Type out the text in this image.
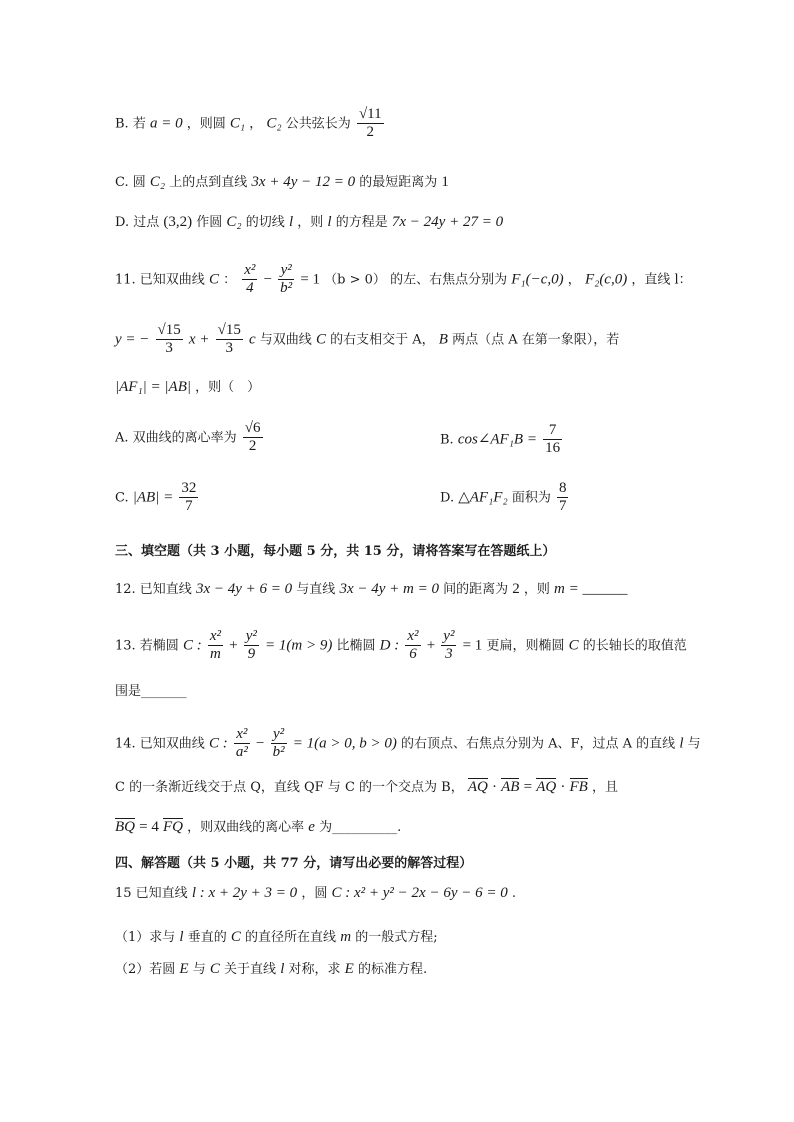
B. 若 a = 0 ，则圆 C₁ ， C₂ 公共弦长为 $\frac{√11}{2}$
C. 圆 C₂ 上的点到直线 3x + 4y − 12 = 0 的最短距离为 1
D. 过点 (3,2) 作圆 C₂ 的切线 l ，则 l 的方程是 7x − 24y + 27 = 0
11. 已知双曲线 C ： $\frac{\text{x²}}{4} - \frac{\text{y²}}{\text{b²}} = 1$ （b > 0） 的左、右焦点分别为 F₁(−c,0) ， F₂(c,0) ，直线 l：
y = − $\frac{√15}{3}$ $x + \frac{√15}{3}$ c 与双曲线 C 的右支相交于 A， B 两点（点 A 在第一象限），若
|AF₁| = |AB| ，则（　）
A. 双曲线的离心率为 $\frac{√6}{2}$	B. cos∠AF₁B = $\frac{7}{16}$
C. $|AB| = \frac{32}{7}$	D. △AF₁F₂ 面积为 $\frac{8}{7}$
三、填空题（共 3 小题，每小题 5 分，共 15 分，请将答案写在答题纸上）
12. 已知直线 3x − 4y + 6 = 0 与直线 3x − 4y + m = 0 间的距离为 2 ，则 m = ______
13. 若椭圆 C : $\frac{\text{x²}}{m} + \frac{\text{y²}}{9} = 1(m > 9)$ 比椭圆 D : $\frac{\text{x²}}{6} + \frac{\text{y²}}{3} = 1$ 更扁，则椭圆 C 的长轴长的取值范
围是_______
14. 已知双曲线 C : $\frac{\text{x²}}{\text{a²}} - \frac{\text{y²}}{\text{b²}} = 1(a > 0$, b > 0) 的右顶点、右焦点分别为 A、F，过点 A 的直线 l 与
C 的一条渐近线交于点 Q，直线 QF 与 C 的一个交点为 B， AQ · AB = AQ · FB ，且
BQ = 4 FQ ，则双曲线的离心率 e 为__________.
四、解答题（共 5 小题，共 77 分，请写出必要的解答过程）
15 已知直线 l : x + 2y + 3 = 0 ，圆 C : x² + y² − 2x − 6y − 6 = 0 .
（1）求与 l 垂直的 C 的直径所在直线 m 的一般式方程;
（2）若圆 E 与 C 关于直线 l 对称，求 E 的标准方程.
